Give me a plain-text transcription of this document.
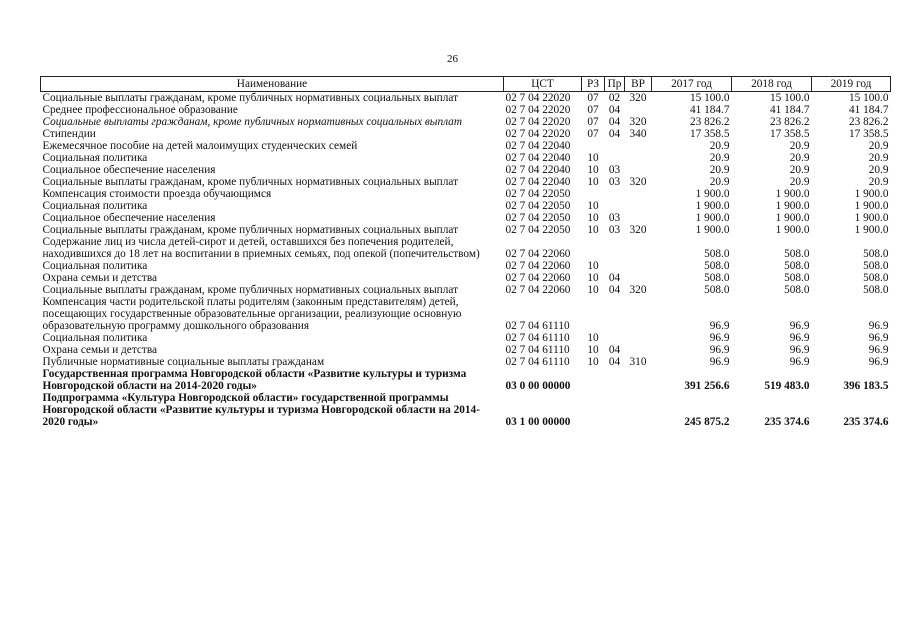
26
Наименование	ЦСТ	РЗ	Пр	ВР	2017 год	2018 год	2019 год
Социальные выплаты гражданам, кроме публичных нормативных социальных выплат	02 7 04 22020	07	02	320	15 100.0	15 100.0	15 100.0
Среднее профессиональное образование	02 7 04 22020	07	04		41 184.7	41 184.7	41 184.7
Социальные выплаты гражданам, кроме публичных нормативных социальных выплат	02 7 04 22020	07	04	320	23 826.2	23 826.2	23 826.2
Стипендии	02 7 04 22020	07	04	340	17 358.5	17 358.5	17 358.5
Ежемесячное пособие на детей малоимущих студенческих семей	02 7 04 22040				20.9	20.9	20.9
Социальная политика	02 7 04 22040	10			20.9	20.9	20.9
Социальное обеспечение населения	02 7 04 22040	10	03		20.9	20.9	20.9
Социальные выплаты гражданам, кроме публичных нормативных социальных выплат	02 7 04 22040	10	03	320	20.9	20.9	20.9
Компенсация стоимости проезда обучающимся	02 7 04 22050				1 900.0	1 900.0	1 900.0
Социальная политика	02 7 04 22050	10			1 900.0	1 900.0	1 900.0
Социальное обеспечение населения	02 7 04 22050	10	03		1 900.0	1 900.0	1 900.0
Социальные выплаты гражданам, кроме публичных нормативных социальных выплат	02 7 04 22050	10	03	320	1 900.0	1 900.0	1 900.0
Содержание лиц из числа детей-сирот и детей, оставшихся без попечения родителей, находившихся до 18 лет на воспитании в приемных семьях, под опекой (попечительством)	02 7 04 22060				508.0	508.0	508.0
Социальная политика	02 7 04 22060	10			508.0	508.0	508.0
Охрана семьи и детства	02 7 04 22060	10	04		508.0	508.0	508.0
Социальные выплаты гражданам, кроме публичных нормативных социальных выплат	02 7 04 22060	10	04	320	508.0	508.0	508.0
Компенсация части родительской платы родителям (законным представителям) детей, посещающих государственные образовательные организации, реализующие основную образовательную программу дошкольного образования	02 7 04 61110				96.9	96.9	96.9
Социальная политика	02 7 04 61110	10			96.9	96.9	96.9
Охрана семьи и детства	02 7 04 61110	10	04		96.9	96.9	96.9
Публичные нормативные социальные выплаты гражданам	02 7 04 61110	10	04	310	96.9	96.9	96.9
Государственная программа Новгородской области «Развитие культуры и туризма Новгородской области на 2014-2020 годы»	03 0 00 00000				391 256.6	519 483.0	396 183.5
Подпрограмма «Культура Новгородской области» государственной программы Новгородской области «Развитие культуры и туризма Новгородской области на 2014-2020 годы»	03 1 00 00000				245 875.2	235 374.6	235 374.6
